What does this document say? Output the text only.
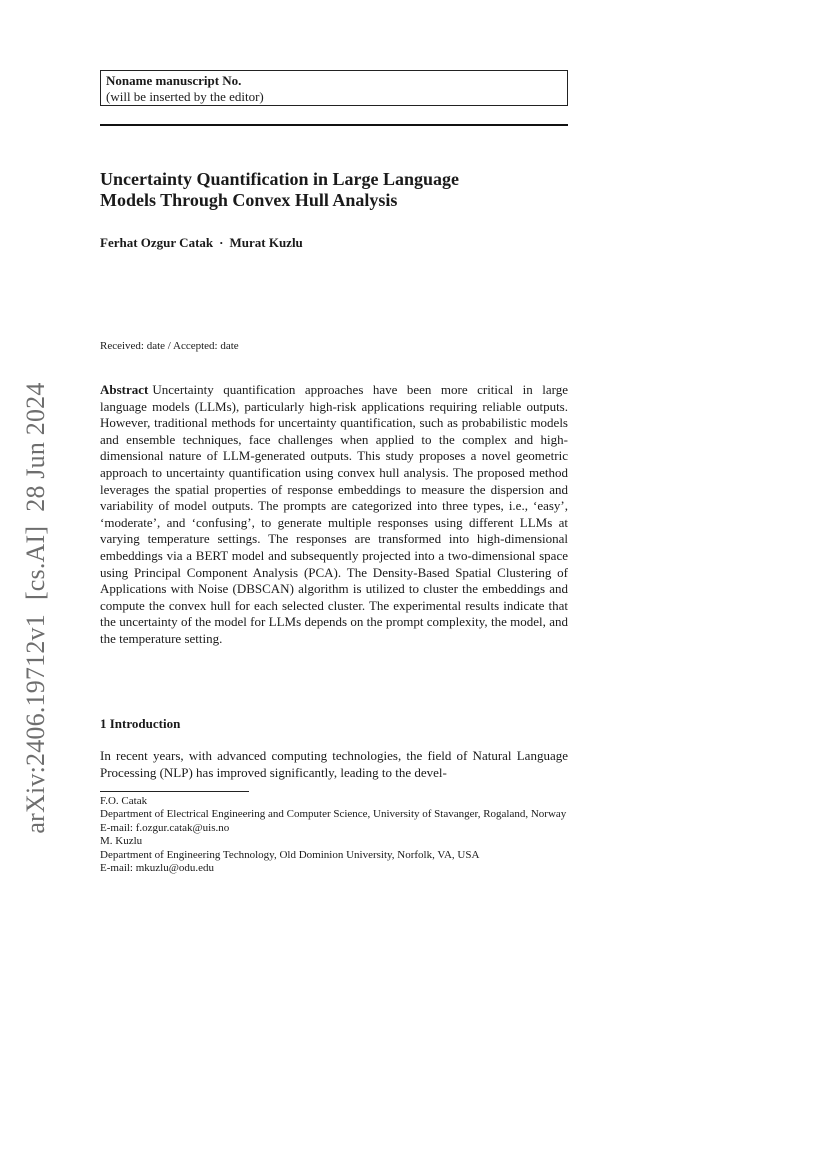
Noname manuscript No.
(will be inserted by the editor)
Uncertainty Quantification in Large Language
Models Through Convex Hull Analysis
Ferhat Ozgur Catak · Murat Kuzlu
Received: date / Accepted: date

Abstract Uncertainty quantification approaches have been more critical in large language models (LLMs), particularly high-risk applications requiring reliable outputs. However, traditional methods for uncertainty quantification, such as probabilistic models and ensemble techniques, face challenges when applied to the complex and high-dimensional nature of LLM-generated outputs. This study proposes a novel geometric approach to uncertainty quantification using convex hull analysis. The proposed method leverages the spatial properties of response embeddings to measure the dispersion and variability of model outputs. The prompts are categorized into three types, i.e., ‘easy’, ‘moderate’, and ‘confusing’, to generate multiple responses using different LLMs at varying temperature settings. The responses are transformed into high-dimensional embeddings via a BERT model and subsequently projected into a two-dimensional space using Principal Component Analysis (PCA). The Density-Based Spatial Clustering of Applications with Noise (DBSCAN) algorithm is utilized to cluster the embeddings and compute the convex hull for each selected cluster. The experimental results indicate that the uncertainty of the model for LLMs depends on the prompt complexity, the model, and the temperature setting.

1 Introduction

In recent years, with advanced computing technologies, the field of Natural Language Processing (NLP) has improved significantly, leading to the devel-

F.O. Catak
Department of Electrical Engineering and Computer Science, University of Stavanger, Rogaland, Norway
E-mail: f.ozgur.catak@uis.no
M. Kuzlu
Department of Engineering Technology, Old Dominion University, Norfolk, VA, USA
E-mail: mkuzlu@odu.edu
arXiv:2406.19712v1[cs.AI]28 Jun 2024
